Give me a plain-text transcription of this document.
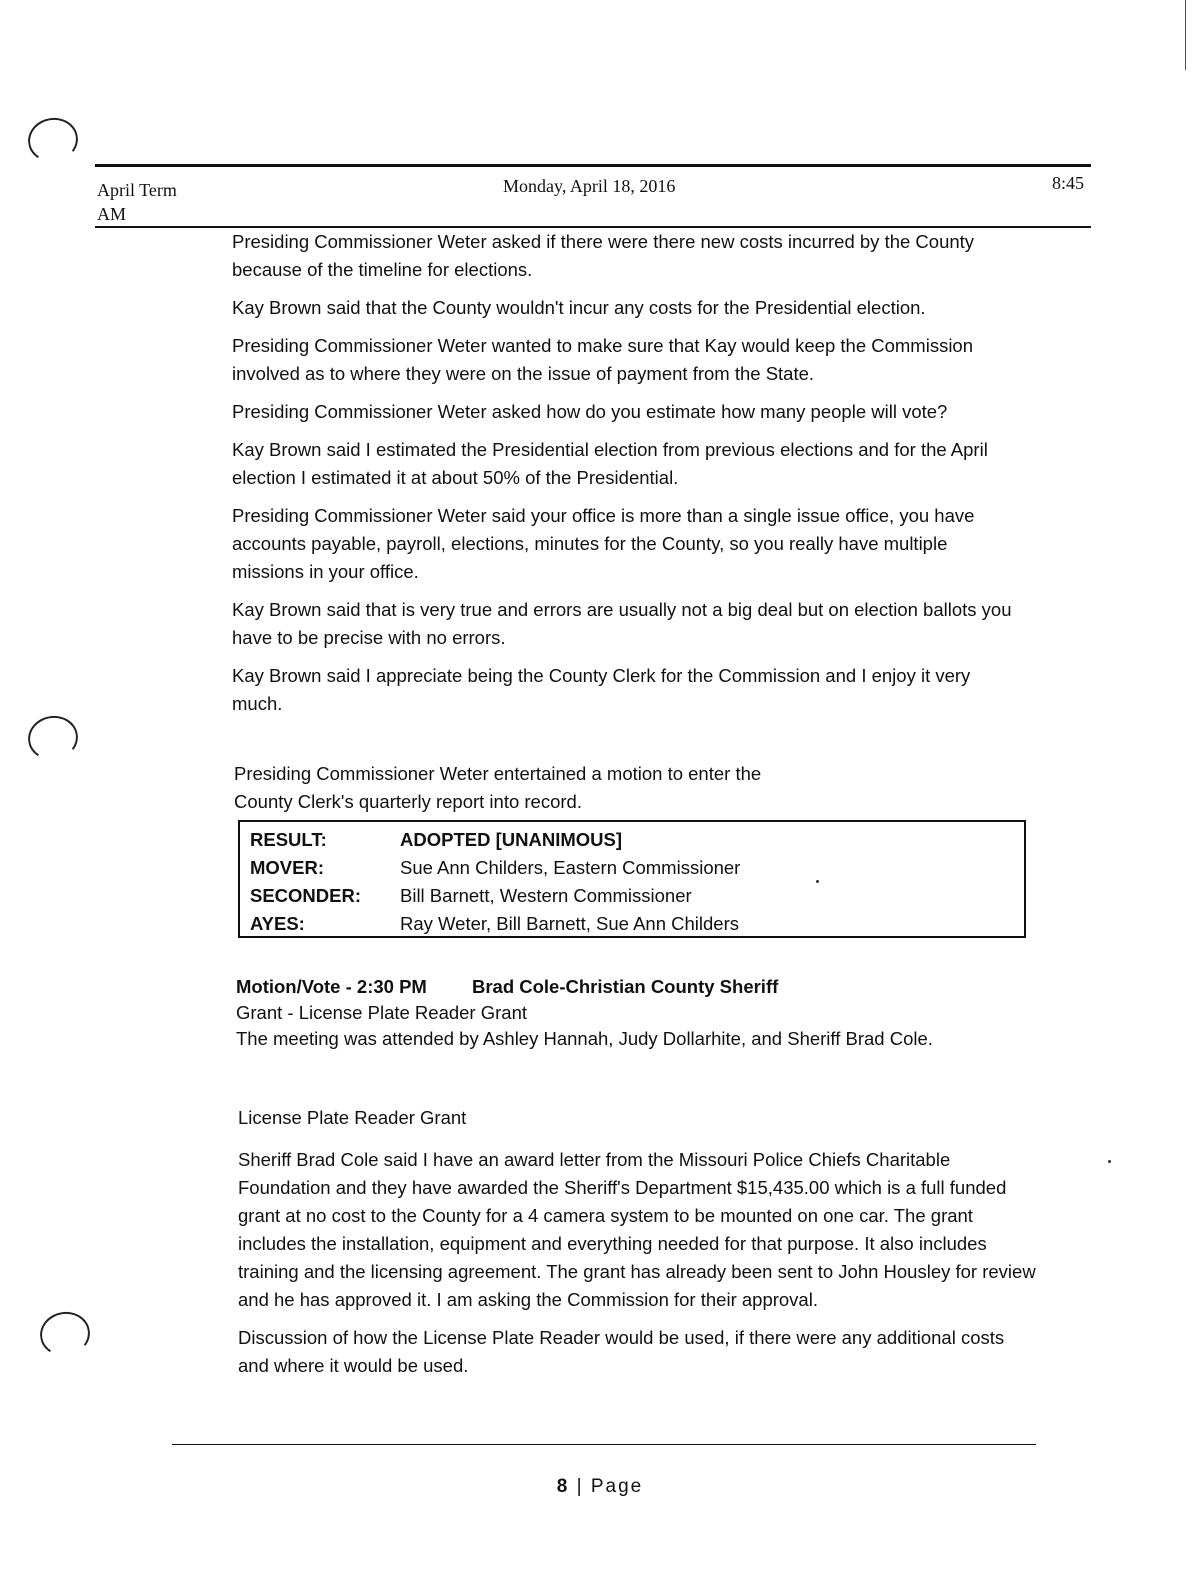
April Term
AM
Monday, April 18, 2016	8:45

Presiding Commissioner Weter asked if there were there new costs incurred by the County because of the timeline for elections.

Kay Brown said that the County wouldn't incur any costs for the Presidential election.

Presiding Commissioner Weter wanted to make sure that Kay would keep the Commission involved as to where they were on the issue of payment from the State.

Presiding Commissioner Weter asked how do you estimate how many people will vote?

Kay Brown said I estimated the Presidential election from previous elections and for the April election I estimated it at about 50% of the Presidential.

Presiding Commissioner Weter said your office is more than a single issue office, you have accounts payable, payroll, elections, minutes for the County, so you really have multiple missions in your office.

Kay Brown said that is very true and errors are usually not a big deal but on election ballots you have to be precise with no errors.

Kay Brown said I appreciate being the County Clerk for the Commission and I enjoy it very much.

Presiding Commissioner Weter entertained a motion to enter the County Clerk's quarterly report into record.
RESULT:	ADOPTED [UNANIMOUS]
MOVER:	Sue Ann Childers, Eastern Commissioner
SECONDER:	Bill Barnett, Western Commissioner
AYES:	Ray Weter, Bill Barnett, Sue Ann Childers
Motion/Vote - 2:30 PM Brad Cole-Christian County Sheriff
Grant - License Plate Reader Grant
The meeting was attended by Ashley Hannah, Judy Dollarhite, and Sheriff Brad Cole.

License Plate Reader Grant

Sheriff Brad Cole said I have an award letter from the Missouri Police Chiefs Charitable Foundation and they have awarded the Sheriff's Department $15,435.00 which is a full funded grant at no cost to the County for a 4 camera system to be mounted on one car. The grant includes the installation, equipment and everything needed for that purpose. It also includes training and the licensing agreement. The grant has already been sent to John Housley for review and he has approved it. I am asking the Commission for their approval.

Discussion of how the License Plate Reader would be used, if there were any additional costs and where it would be used.

8 | Page
